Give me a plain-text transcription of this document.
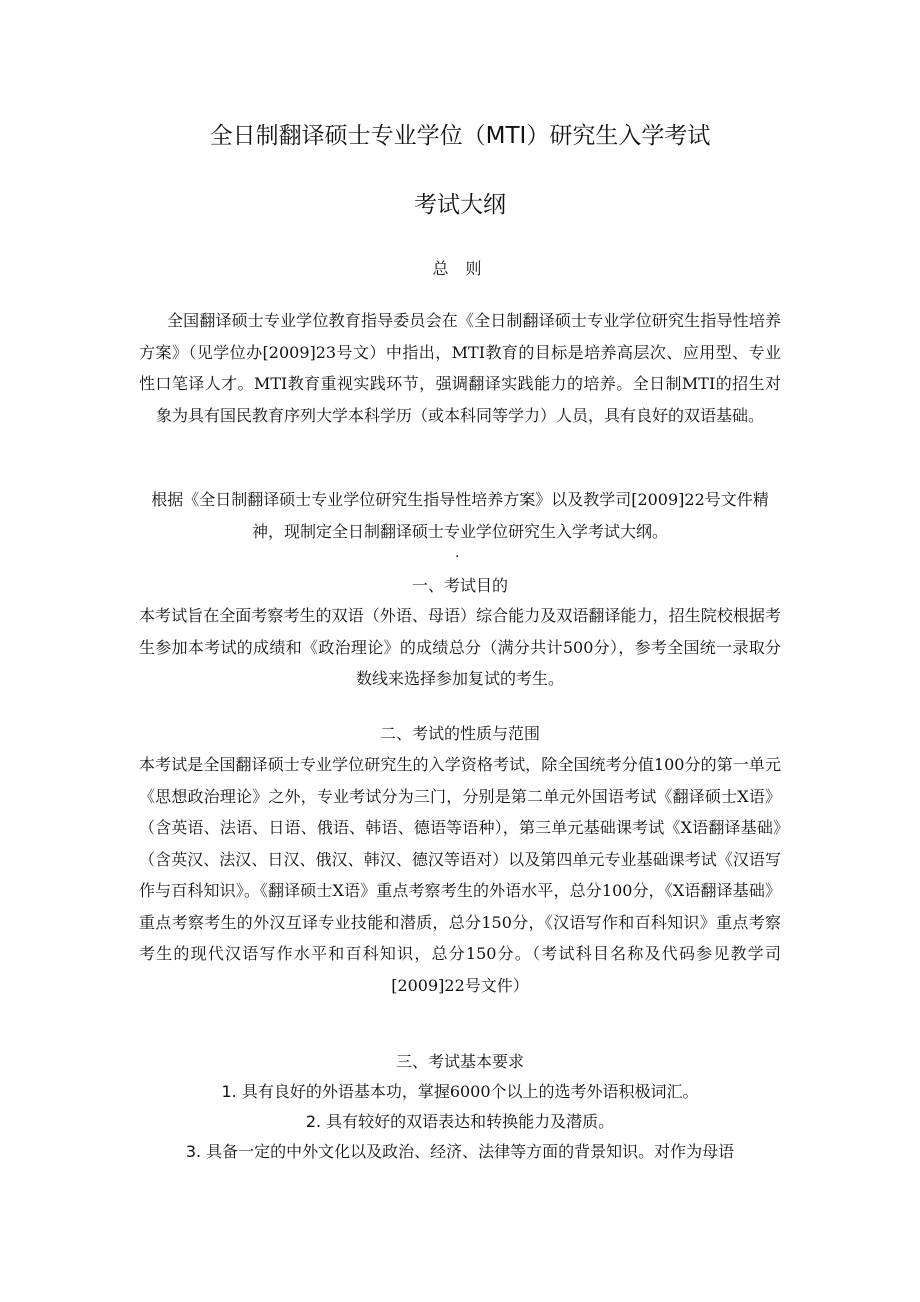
全日制翻译硕士专业学位（MTI）研究生入学考试
考试大纲
总 则

全国翻译硕士专业学位教育指导委员会在《全日制翻译硕士专业学位研究生指导性培养方案》（见学位办[2009]23号文）中指出，MTI教育的目标是培养高层次、应用型、专业性口笔译人才。MTI教育重视实践环节，强调翻译实践能力的培养。全日制MTI的招生对象为具有国民教育序列大学本科学历（或本科同等学力）人员，具有良好的双语基础。

根据《全日制翻译硕士专业学位研究生指导性培养方案》以及教学司[2009]22号文件精神，现制定全日制翻译硕士专业学位研究生入学考试大纲。

.
一、考试目的

本考试旨在全面考察考生的双语（外语、母语）综合能力及双语翻译能力，招生院校根据考生参加本考试的成绩和《政治理论》的成绩总分（满分共计500分），参考全国统一录取分数线来选择参加复试的考生。

二、考试的性质与范围

本考试是全国翻译硕士专业学位研究生的入学资格考试，除全国统考分值100分的第一单元《思想政治理论》之外，专业考试分为三门，分别是第二单元外国语考试《翻译硕士X语》（含英语、法语、日语、俄语、韩语、德语等语种），第三单元基础课考试《X语翻译基础》（含英汉、法汉、日汉、俄汉、韩汉、德汉等语对）以及第四单元专业基础课考试《汉语写作与百科知识》。《翻译硕士X语》重点考察考生的外语水平，总分100分，《X语翻译基础》重点考察考生的外汉互译专业技能和潜质，总分150分，《汉语写作和百科知识》重点考察考生的现代汉语写作水平和百科知识，总分150分。（考试科目名称及代码参见教学司[2009]22号文件）

三、考试基本要求

1. 具有良好的外语基本功，掌握6000个以上的选考外语积极词汇。

2. 具有较好的双语表达和转换能力及潜质。

3. 具备一定的中外文化以及政治、经济、法律等方面的背景知识。对作为母语
